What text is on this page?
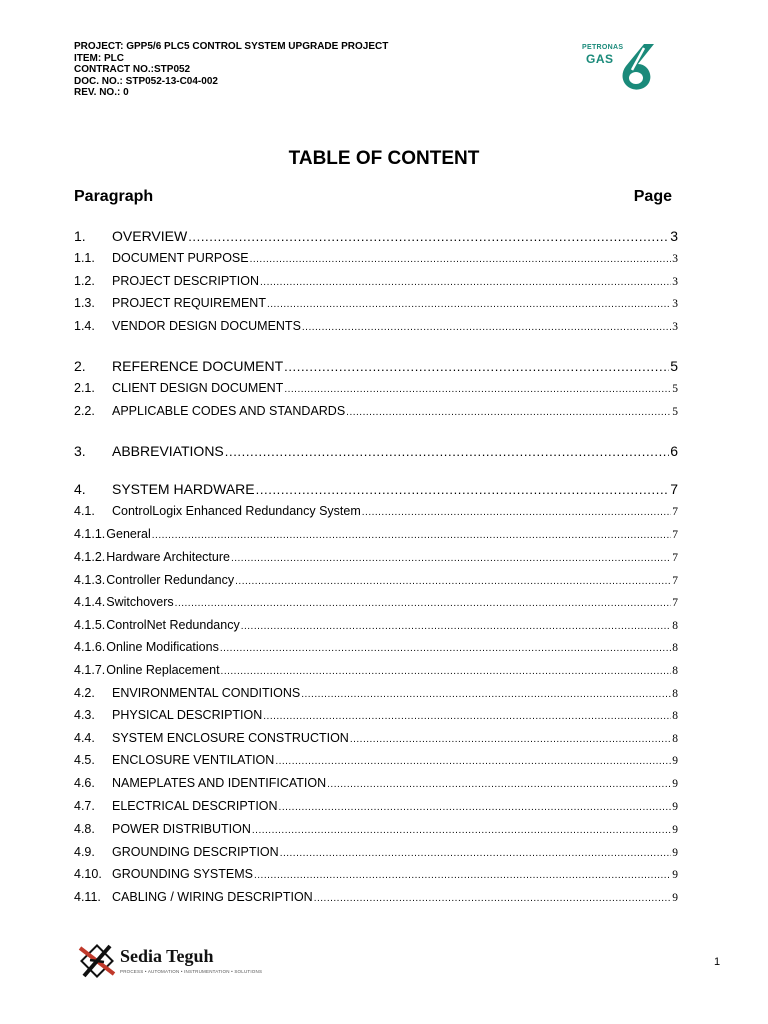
PROJECT: GPP5/6 PLC5 CONTROL SYSTEM UPGRADE PROJECT
ITEM: PLC
CONTRACT NO.:STP052
DOC. NO.: STP052-13-C04-002
REV. NO.: 0
PETRONAS
GAS
TABLE OF CONTENT
Paragraph	Page
1.	OVERVIEW .....	3
1.1.	DOCUMENT PURPOSE .....	3
1.2.	PROJECT DESCRIPTION .....	3
1.3.	PROJECT REQUIREMENT .....	3
1.4.	VENDOR DESIGN DOCUMENTS .....	3
2.	REFERENCE DOCUMENT .....	5
2.1.	CLIENT DESIGN DOCUMENT .....	5
2.2.	APPLICABLE CODES AND STANDARDS .....	5
3.	ABBREVIATIONS .....	6
4.	SYSTEM HARDWARE .....	7
4.1.	ControlLogix Enhanced Redundancy System .....	7
4.1.1. General .....	7
4.1.2. Hardware Architecture .....	7
4.1.3. Controller Redundancy .....	7
4.1.4. Switchovers .....	7
4.1.5. ControlNet Redundancy .....	8
4.1.6. Online Modifications .....	8
4.1.7. Online Replacement .....	8
4.2.	ENVIRONMENTAL CONDITIONS .....	8
4.3.	PHYSICAL DESCRIPTION .....	8
4.4.	SYSTEM ENCLOSURE CONSTRUCTION .....	8
4.5.	ENCLOSURE VENTILATION .....	9
4.6.	NAMEPLATES AND IDENTIFICATION .....	9
4.7.	ELECTRICAL DESCRIPTION .....	9
4.8.	POWER DISTRIBUTION .....	9
4.9.	GROUNDING DESCRIPTION .....	9
4.10. GROUNDING SYSTEMS .....	9
4.11. CABLING / WIRING DESCRIPTION .....	9
Sedia Teguh
PROCESS • AUTOMATION • INSTRUMENTATION • SOLUTIONS
1
